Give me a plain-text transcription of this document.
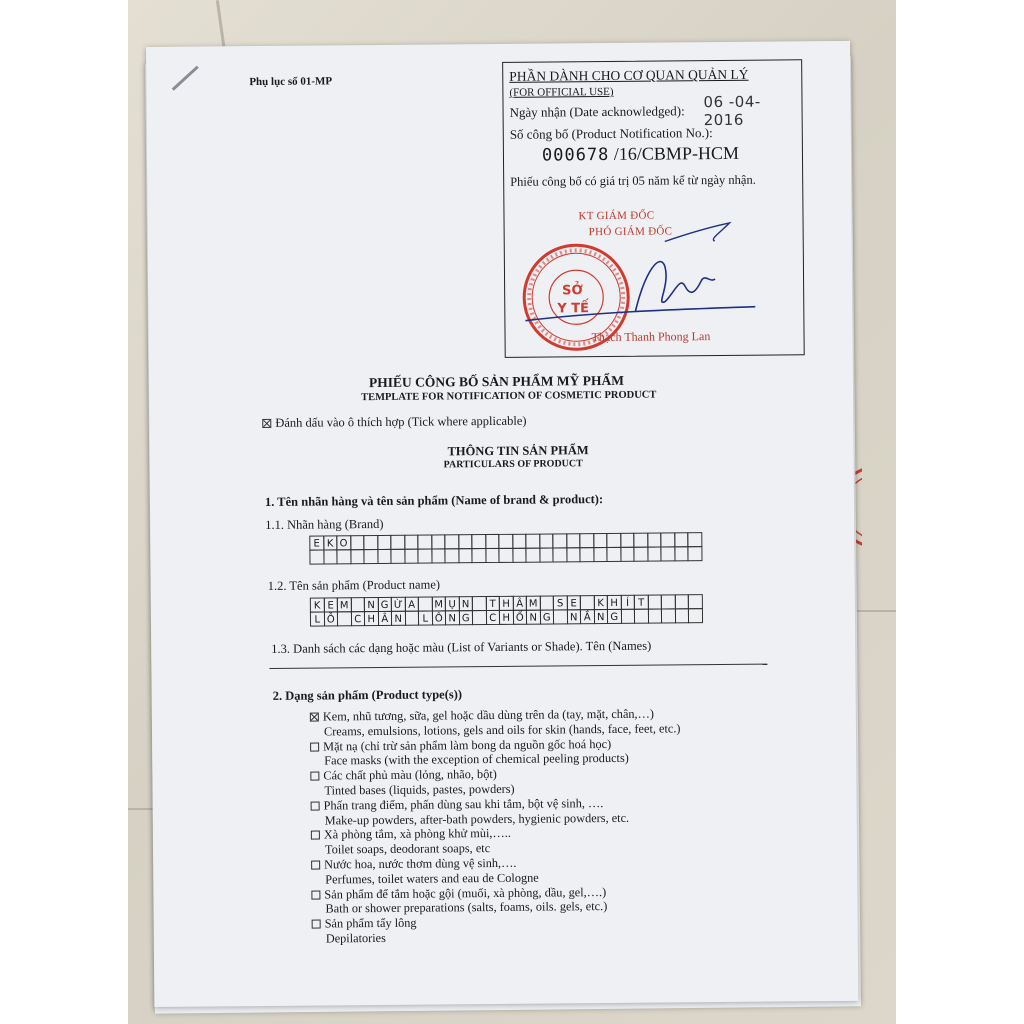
Phụ lục số 01-MP	PHẦN DÀNH CHO CƠ QUAN QUẢN LÝ
(FOR OFFICIAL USE)
Ngày nhận (Date acknowledged):
06 -04- 2016
Số công bố (Product Notification No.):
000678 /16/CBMP-HCM
Phiếu công bố có giá trị 05 năm kể từ ngày nhận.
KT GIÁM ĐỐC
PHÓ GIÁM ĐỐC
SỞ
Y TẾ
Thạch Thanh Phong Lan
PHIẾU CÔNG BỐ SẢN PHẨM MỸ PHẨM
TEMPLATE FOR NOTIFICATION OF COSMETIC PRODUCT
Đánh dấu vào ô thích hợp (Tick where applicable)
THÔNG TIN SẢN PHẨM
PARTICULARS OF PRODUCT
1. Tên nhãn hàng và tên sản phẩm (Name of brand & product):
1.1. Nhãn hàng (Brand)
E K O
1.2. Tên sản phẩm (Product name)
K E M	N G Ừ A	M Ụ N	T H Â M	S E	K H Í T
L Ỗ	C H Â N	L Ô N G	C H Ố N G	N Ắ N G
1.3. Danh sách các dạng hoặc màu (List of Variants or Shade). Tên (Names)
2. Dạng sản phẩm (Product type(s))
Kem, nhũ tương, sữa, gel hoặc dầu dùng trên da (tay, mặt, chân,…)
Creams, emulsions, lotions, gels and oils for skin (hands, face, feet, etc.)
Mặt nạ (chỉ trừ sản phẩm làm bong da nguồn gốc hoá học)
Face masks (with the exception of chemical peeling products)
Các chất phủ màu (lỏng, nhão, bột)
Tinted bases (liquids, pastes, powders)
Phấn trang điểm, phấn dùng sau khi tắm, bột vệ sinh, ….
Make-up powders, after-bath powders, hygienic powders, etc.
Xà phòng tắm, xà phòng khử mùi,…..
Toilet soaps, deodorant soaps, etc
Nước hoa, nước thơm dùng vệ sinh,….
Perfumes, toilet waters and eau de Cologne
Sản phẩm để tắm hoặc gội (muối, xà phòng, dầu, gel,….)
Bath or shower preparations (salts, foams, oils. gels, etc.)
Sản phẩm tẩy lông
Depilatories
